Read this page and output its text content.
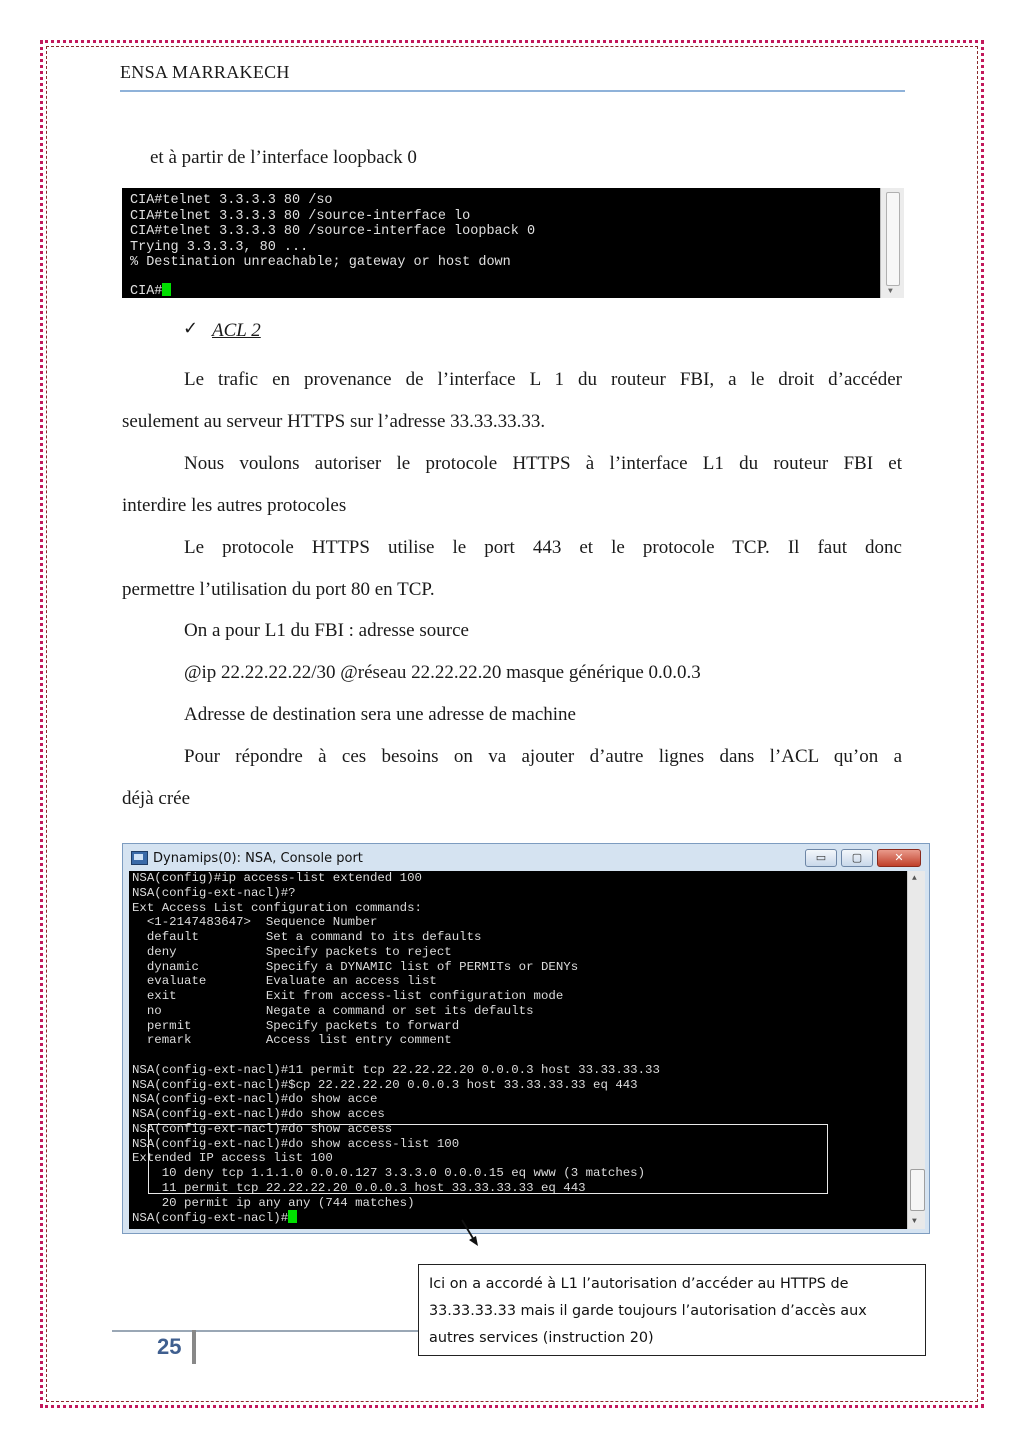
ENSA MARRAKECH
et à partir de l’interface loopback 0
CIA#telnet 3.3.3.3 80 /so
CIA#telnet 3.3.3.3 80 /source-interface lo
CIA#telnet 3.3.3.3 80 /source-interface loopback 0
Trying 3.3.3.3, 80 ...
% Destination unreachable; gateway or host down
CIA#	▼
✓ ACL 2
Le trafic en provenance de l’interface L 1 du routeur FBI, a le droit d’accéder
seulement au serveur HTTPS sur l’adresse 33.33.33.33.
Nous voulons autoriser le protocole HTTPS à l’interface L1 du routeur FBI et
interdire les autres protocoles
Le protocole HTTPS utilise le port 443 et le protocole TCP. Il faut donc
permettre l’utilisation du port 80 en TCP.
On a pour L1 du FBI : adresse source
@ip 22.22.22.22/30 @réseau 22.22.22.20 masque générique 0.0.0.3
Adresse de destination sera une adresse de machine
Pour répondre à ces besoins on va ajouter d’autre lignes dans l’ACL qu’on a
déjà crée
Dynamips(0): NSA, Console port	▭	▢	✕
NSA(config)#ip access-list extended 100
NSA(config-ext-nacl)#?
Ext Access List configuration commands:
<1-2147483647>  Sequence Number
default         Set a command to its defaults
deny            Specify packets to reject
dynamic         Specify a DYNAMIC list of PERMITs or DENYs
evaluate        Evaluate an access list
exit            Exit from access-list configuration mode
no              Negate a command or set its defaults
permit          Specify packets to forward
remark          Access list entry comment
NSA(config-ext-nacl)#11 permit tcp 22.22.22.20 0.0.0.3 host 33.33.33.33
NSA(config-ext-nacl)#$cp 22.22.22.20 0.0.0.3 host 33.33.33.33 eq 443
NSA(config-ext-nacl)#do show acce
NSA(config-ext-nacl)#do show acces
NSA(config-ext-nacl)#do show access
NSA(config-ext-nacl)#do show access-list 100
Extended IP access list 100
10 deny tcp 1.1.1.0 0.0.0.127 3.3.3.0 0.0.0.15 eq www (3 matches)
11 permit tcp 22.22.22.20 0.0.0.3 host 33.33.33.33 eq 443
20 permit ip any any (744 matches)
NSA(config-ext-nacl)#
▲
▼
Ici on a accordé à L1 l’autorisation d’accéder au HTTPS de 33.33.33.33 mais il garde toujours l’autorisation d’accès aux autres services (instruction 20)
25
